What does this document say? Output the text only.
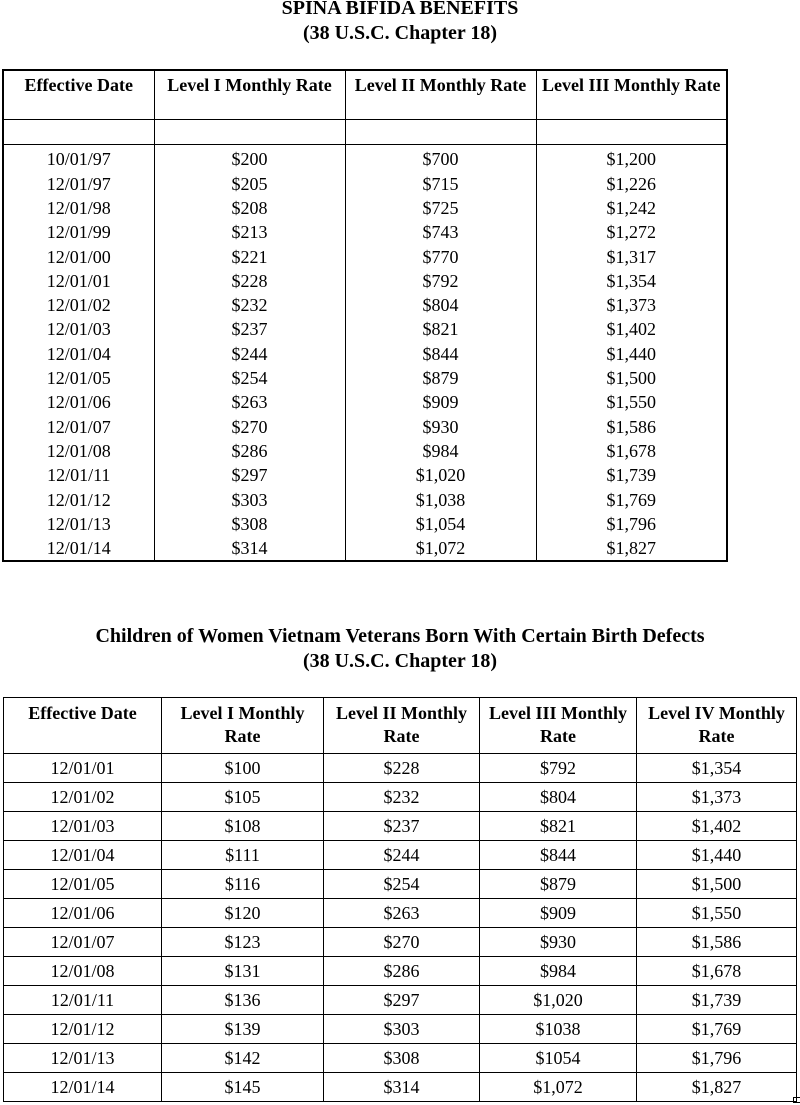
SPINA BIFIDA BENEFITS
(38 U.S.C. Chapter 18)
Effective Date	Level I Monthly Rate	Level II Monthly Rate	Level III Monthly Rate

10/01/97	$200	$700	$1,200
12/01/97	$205	$715	$1,226
12/01/98	$208	$725	$1,242
12/01/99	$213	$743	$1,272
12/01/00	$221	$770	$1,317
12/01/01	$228	$792	$1,354
12/01/02	$232	$804	$1,373
12/01/03	$237	$821	$1,402
12/01/04	$244	$844	$1,440
12/01/05	$254	$879	$1,500
12/01/06	$263	$909	$1,550
12/01/07	$270	$930	$1,586
12/01/08	$286	$984	$1,678
12/01/11	$297	$1,020	$1,739
12/01/12	$303	$1,038	$1,769
12/01/13	$308	$1,054	$1,796
12/01/14	$314	$1,072	$1,827
Children of Women Vietnam Veterans Born With Certain Birth Defects
(38 U.S.C. Chapter 18)
Effective Date	Level I Monthly Rate	Level II Monthly Rate	Level III Monthly Rate	Level IV Monthly Rate
12/01/01	$100	$228	$792	$1,354
12/01/02	$105	$232	$804	$1,373
12/01/03	$108	$237	$821	$1,402
12/01/04	$111	$244	$844	$1,440
12/01/05	$116	$254	$879	$1,500
12/01/06	$120	$263	$909	$1,550
12/01/07	$123	$270	$930	$1,586
12/01/08	$131	$286	$984	$1,678
12/01/11	$136	$297	$1,020	$1,739
12/01/12	$139	$303	$1038	$1,769
12/01/13	$142	$308	$1054	$1,796
12/01/14	$145	$314	$1,072	$1,827
